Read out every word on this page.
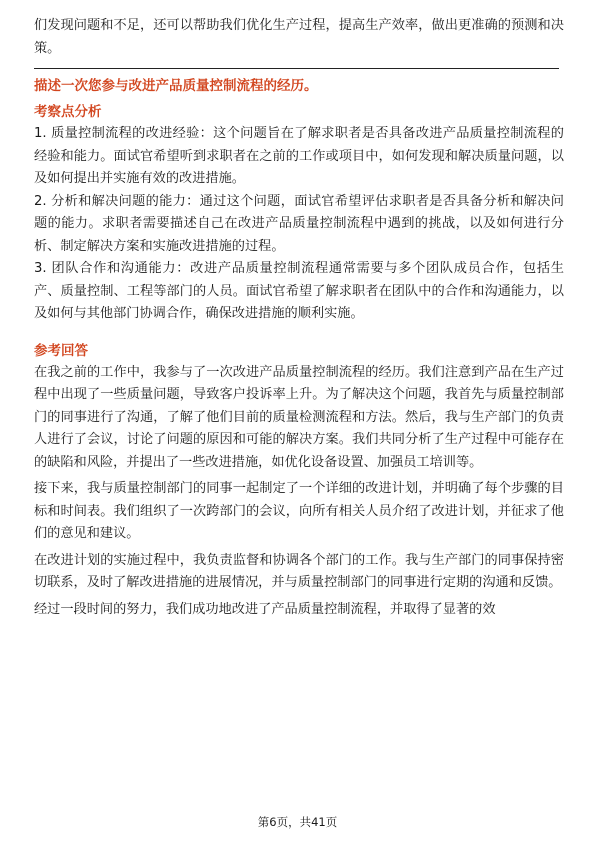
们发现问题和不足，还可以帮助我们优化生产过程，提高生产效率，做出更准确的预测和决策。

描述一次您参与改进产品质量控制流程的经历。

考察点分析

1. 质量控制流程的改进经验：这个问题旨在了解求职者是否具备改进产品质量控制流程的经验和能力。面试官希望听到求职者在之前的工作或项目中，如何发现和解决质量问题，以及如何提出并实施有效的改进措施。

2. 分析和解决问题的能力：通过这个问题，面试官希望评估求职者是否具备分析和解决问题的能力。求职者需要描述自己在改进产品质量控制流程中遇到的挑战，以及如何进行分析、制定解决方案和实施改进措施的过程。

3. 团队合作和沟通能力：改进产品质量控制流程通常需要与多个团队成员合作，包括生产、质量控制、工程等部门的人员。面试官希望了解求职者在团队中的合作和沟通能力，以及如何与其他部门协调合作，确保改进措施的顺利实施。

参考回答

在我之前的工作中，我参与了一次改进产品质量控制流程的经历。我们注意到产品在生产过程中出现了一些质量问题，导致客户投诉率上升。为了解决这个问题，我首先与质量控制部门的同事进行了沟通，了解了他们目前的质量检测流程和方法。然后，我与生产部门的负责人进行了会议，讨论了问题的原因和可能的解决方案。我们共同分析了生产过程中可能存在的缺陷和风险，并提出了一些改进措施，如优化设备设置、加强员工培训等。

接下来，我与质量控制部门的同事一起制定了一个详细的改进计划，并明确了每个步骤的目标和时间表。我们组织了一次跨部门的会议，向所有相关人员介绍了改进计划，并征求了他们的意见和建议。

在改进计划的实施过程中，我负责监督和协调各个部门的工作。我与生产部门的同事保持密切联系，及时了解改进措施的进展情况，并与质量控制部门的同事进行定期的沟通和反馈。

经过一段时间的努力，我们成功地改进了产品质量控制流程，并取得了显著的效

第6页，共41页
